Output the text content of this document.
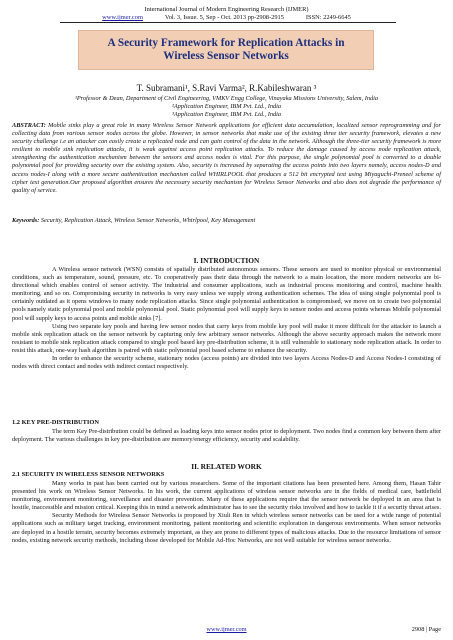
International Journal of Modern Engineering Research (IJMER)
www.ijmer.com	Vol. 3, Issue. 5, Sep - Oct. 2013 pp-2908-2915	ISSN: 2249-6645
A Security Framework for Replication Attacks in Wireless Sensor Networks
T. Subramani¹, S.Ravi Varma², R.Kabileshwaran ³
¹Professor & Dean, Department of Civil Engineering, VMKV Engg College, Vinayaka Missions University, Salem, India
²Application Engineer, IBM Pvt. Ltd., India
³Application Engineer, IBM Pvt. Ltd., India
ABSTRACT: Mobile sinks play a great role in many Wireless Sensor Network applications for efficient data accumulation, localized sensor reprogramming and for collecting data from various sensor nodes across the globe. However, in sensor networks that make use of the existing three tier security framework, elevates a new security challenge i.e an attacker can easily create a replicated node and can gain control of the data in the network. Although the three-tier security framework is more resilient to mobile sink replication attacks, it is weak against access point replication attacks. To reduce the damage caused by access node replication attack, strengthening the authentication mechanism between the sensors and access nodes is vital. For this purpose, the single polynomial pool is converted to a double polynomial pool for providing security over the existing system. Also, security is increased by separating the access points into two layers namely, access nodes-D and access nodes-I along with a more secure authentication mechanism called WHIRLPOOL that produces a 512 bit encrypted text using Miyaguchi-Preneel scheme of cipher text generation.Our proposed algorithm ensures the necessary security mechanism for Wireless Sensor Networks and also does not degrade the performance of quality of service.
Keywords: Security, Replication Attack, Wireless Sensor Networks, Whirlpool, Key Management
I. INTRODUCTION

A Wireless sensor network (WSN) consists of spatially distributed autonomous sensors. These sensors are used to monitor physical or environmental conditions, such as temperature, sound, pressure, etc. To cooperatively pass their data through the network to a main location, the more modern networks are bi-directional which enables control of sensor activity. The industrial and consumer applications, such as industrial process monitoring and control, machine health monitoring, and so on. Compromising security in networks is very easy unless we supply strong authentication schemes. The idea of using single polynomial pool is certainly outdated as it opens windows to many node replication attacks. Since single polynomial authentication is compromised, we move on to create two polynomial pools namely static polynomial pool and mobile polynomial pool. Static polynomial pool will supply keys to sensor nodes and access points whereas Mobile polynomial pool will supply keys to access points and mobile sinks [7].

Using two separate key pools and having few sensor nodes that carry keys from mobile key pool will make it more difficult for the attacker to launch a mobile sink replication attack on the sensor network by capturing only few arbitrary sensor networks. Although the above security approach makes the network more resistant to mobile sink replication attack compared to single pool based key pre-distribution scheme, it is still vulnerable to stationary node replication attack. In order to resist this attack, one-way hash algorithm is paired with static polynomial pool based scheme to enhance the security.

In order to enhance the security scheme, stationary nodes (access points) are divided into two layers Access Nodes-D and Access Nodes-I consisting of nodes with direct contact and nodes with indirect contact respectively.

1.2 KEY PRE-DISTRIBUTION

The term Key Pre-distribution could be defined as loading keys into sensor nodes prior to deployment. Two nodes find a common key between them after deployment. The various challenges in key pre-distribution are memory/energy efficiency, security and scalability.

II. RELATED WORK
2.1 SECURITY IN WIRELESS SENSOR NETWORKS

Many works in past has been carried out by various researchers. Some of the important citations has been presented here. Among them, Hasan Tahir presented his work on Wireless Sensor Networks. In his work, the current applications of wireless sensor networks are in the fields of medical care, battlefield monitoring, environment monitoring, surveillance and disaster prevention. Many of these applications require that the sensor network be deployed in an area that is hostile, inaccessible and mission critical. Keeping this in mind a network administrator has to see the security risks involved and how to tackle it if a security threat arises.

Security Methods for Wireless Sensor Networks is proposed by Xiuli Ren in which wireless sensor networks can be used for a wide range of potential applications such as military target tracking, environment monitoring, patient monitoring and scientific exploration in dangerous environments. When sensor networks are deployed in a hostile terrain, security becomes extremely important, as they are prone to different types of malicious attacks. Due to the resource limitations of sensor nodes, existing network security methods, including those developed for Mobile Ad-Hoc Networks, are not well suitable for wireless sensor networks.

www.ijmer.com	2908 | Page
